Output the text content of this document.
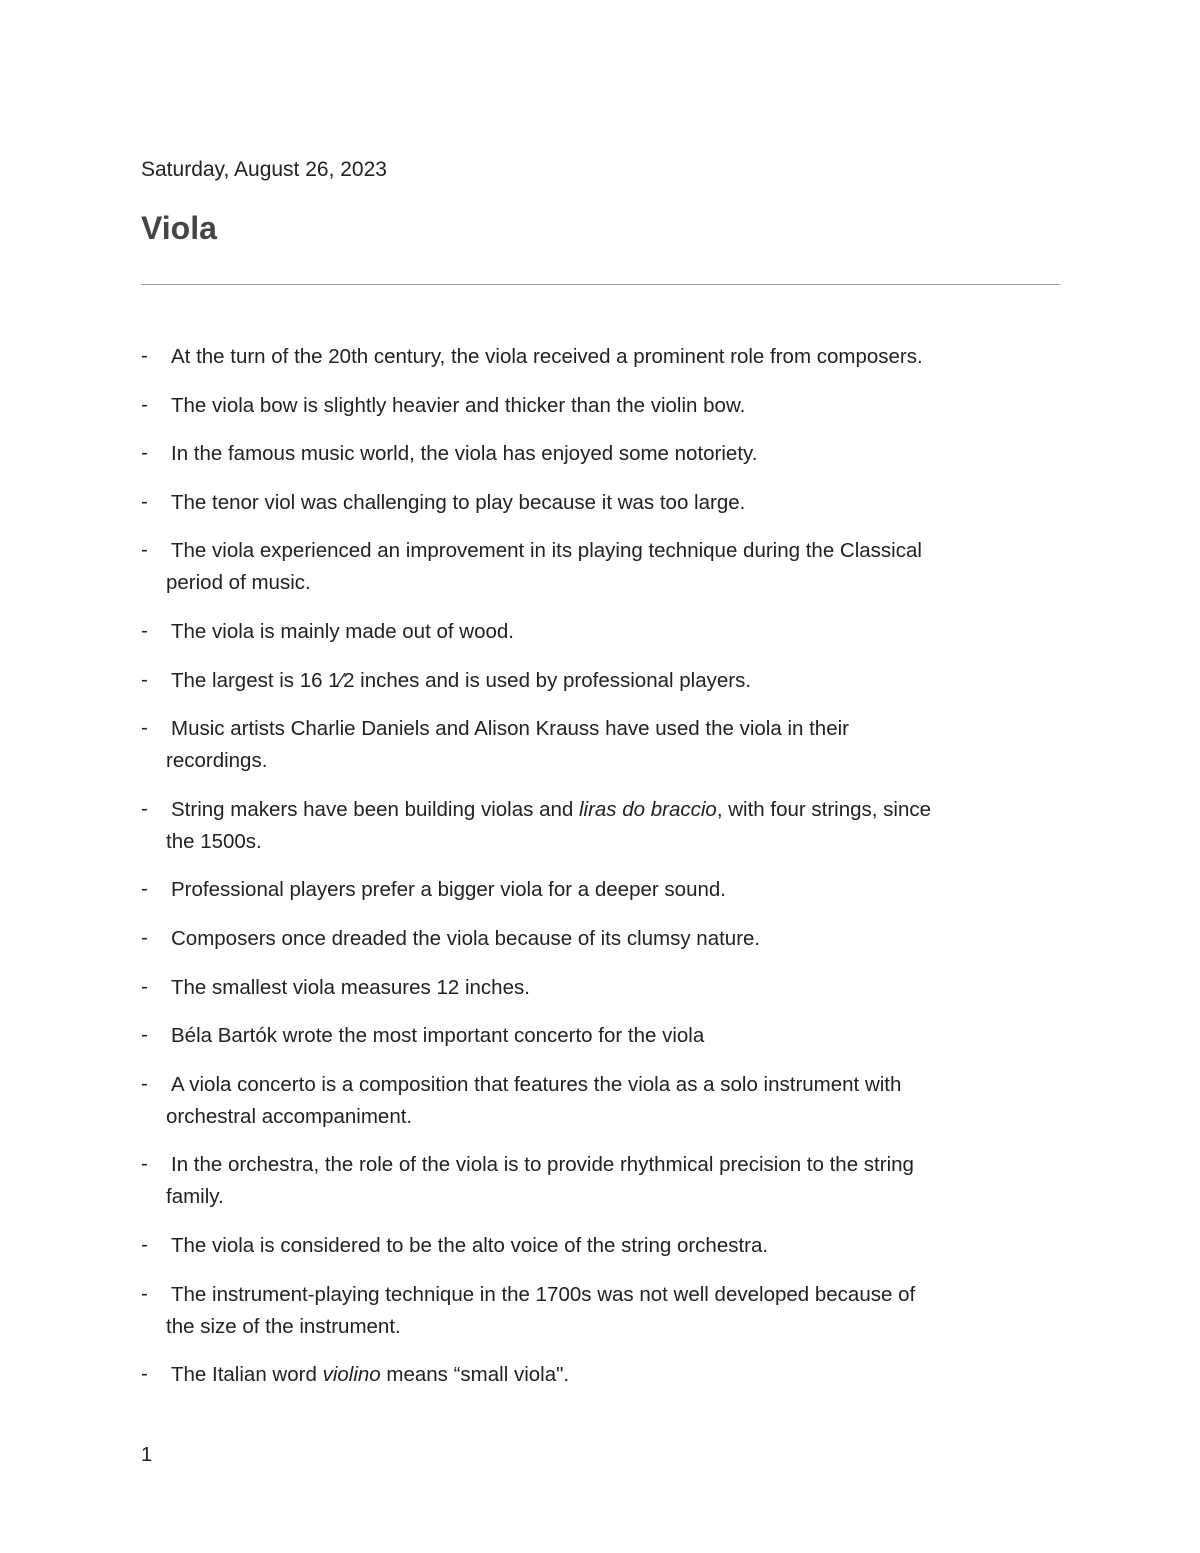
Saturday, August 26, 2023
Viola
-	At the turn of the 20th century, the viola received a prominent role from composers.
-	The viola bow is slightly heavier and thicker than the violin bow.
-	In the famous music world, the viola has enjoyed some notoriety.
-	The tenor viol was challenging to play because it was too large.
-	The viola experienced an improvement in its playing technique during the Classical
period of music.
-	The viola is mainly made out of wood.
-	The largest is 16 1⁄2 inches and is used by professional players.
-	Music artists Charlie Daniels and Alison Krauss have used the viola in their
recordings.
-	String makers have been building violas and liras do braccio, with four strings, since
the 1500s.
-	Professional players prefer a bigger viola for a deeper sound.
-	Composers once dreaded the viola because of its clumsy nature.
-	The smallest viola measures 12 inches.
-	Béla Bartók wrote the most important concerto for the viola
-	A viola concerto is a composition that features the viola as a solo instrument with
orchestral accompaniment.
-	In the orchestra, the role of the viola is to provide rhythmical precision to the string
family.
-	The viola is considered to be the alto voice of the string orchestra.
-	The instrument-playing technique in the 1700s was not well developed because of
the size of the instrument.
-	The Italian word violino means “small viola".
1
